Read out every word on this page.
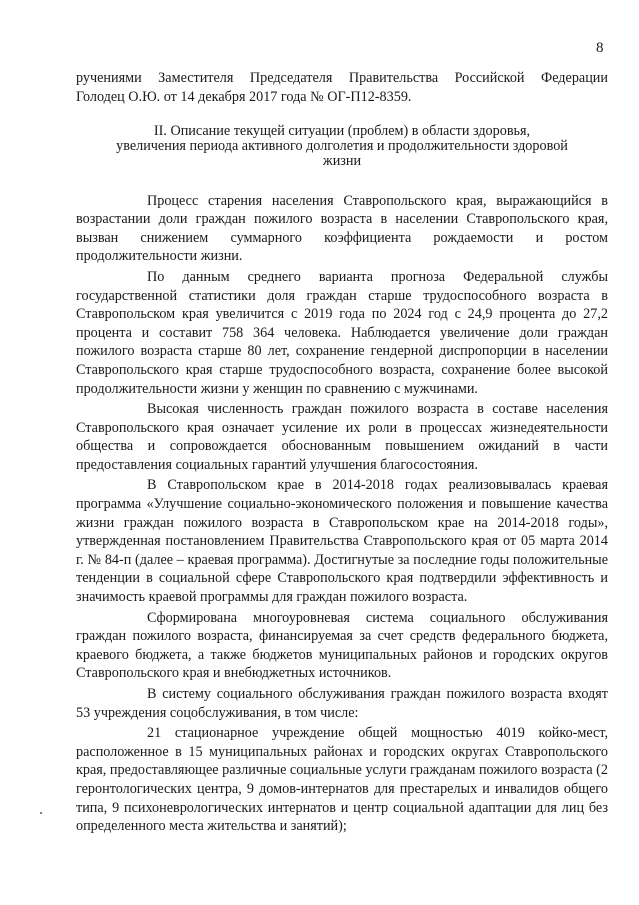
8

ручениями Заместителя Председателя Правительства Российской Федерации

Голодец О.Ю. от 14 декабря 2017 года № ОГ-П12-8359.

II. Описание текущей ситуации (проблем) в области здоровья,
увеличения периода активного долголетия и продолжительности здоровой
жизни

Процесс старения населения Ставропольского края, выражающийся в возрастании доли граждан пожилого возраста в населении Ставропольского края, вызван снижением суммарного коэффициента рождаемости и ростом продолжительности жизни.

По данным среднего варианта прогноза Федеральной службы государственной статистики доля граждан старше трудоспособного возраста в Ставропольском края увеличится с 2019 года по 2024 год с 24,9 процента до 27,2 процента и составит 758 364 человека. Наблюдается увеличение доли граждан пожилого возраста старше 80 лет, сохранение гендерной диспропорции в населении Ставропольского края старше трудоспособного возраста, сохранение более высокой продолжительности жизни у женщин по сравнению с мужчинами.

Высокая численность граждан пожилого возраста в составе населения Ставропольского края означает усиление их роли в процессах жизнедеятельности общества и сопровождается обоснованным повышением ожиданий в части предоставления социальных гарантий улучшения благосостояния.

В Ставропольском крае в 2014-2018 годах реализовывалась краевая программа «Улучшение социально-экономического положения и повышение качества жизни граждан пожилого возраста в Ставропольском крае на 2014-2018 годы», утвержденная постановлением Правительства Ставропольского края от 05 марта 2014 г. № 84-п (далее – краевая программа). Достигнутые за последние годы положительные тенденции в социальной сфере Ставропольского края подтвердили эффективность и значимость краевой программы для граждан пожилого возраста.

Сформирована многоуровневая система социального обслуживания граждан пожилого возраста, финансируемая за счет средств федерального бюджета, краевого бюджета, а также бюджетов муниципальных районов и городских округов Ставропольского края и внебюджетных источников.

В систему социального обслуживания граждан пожилого возраста входят 53 учреждения соцобслуживания, в том числе:

21 стационарное учреждение общей мощностью 4019 койко-мест, расположенное в 15 муниципальных районах и городских округах Ставропольского края, предоставляющее различные социальные услуги гражданам пожилого возраста (2 геронтологических центра, 9 домов-интернатов для престарелых и инвалидов общего типа, 9 психоневрологических интернатов и центр социальной адаптации для лиц без определенного места жительства и занятий);
